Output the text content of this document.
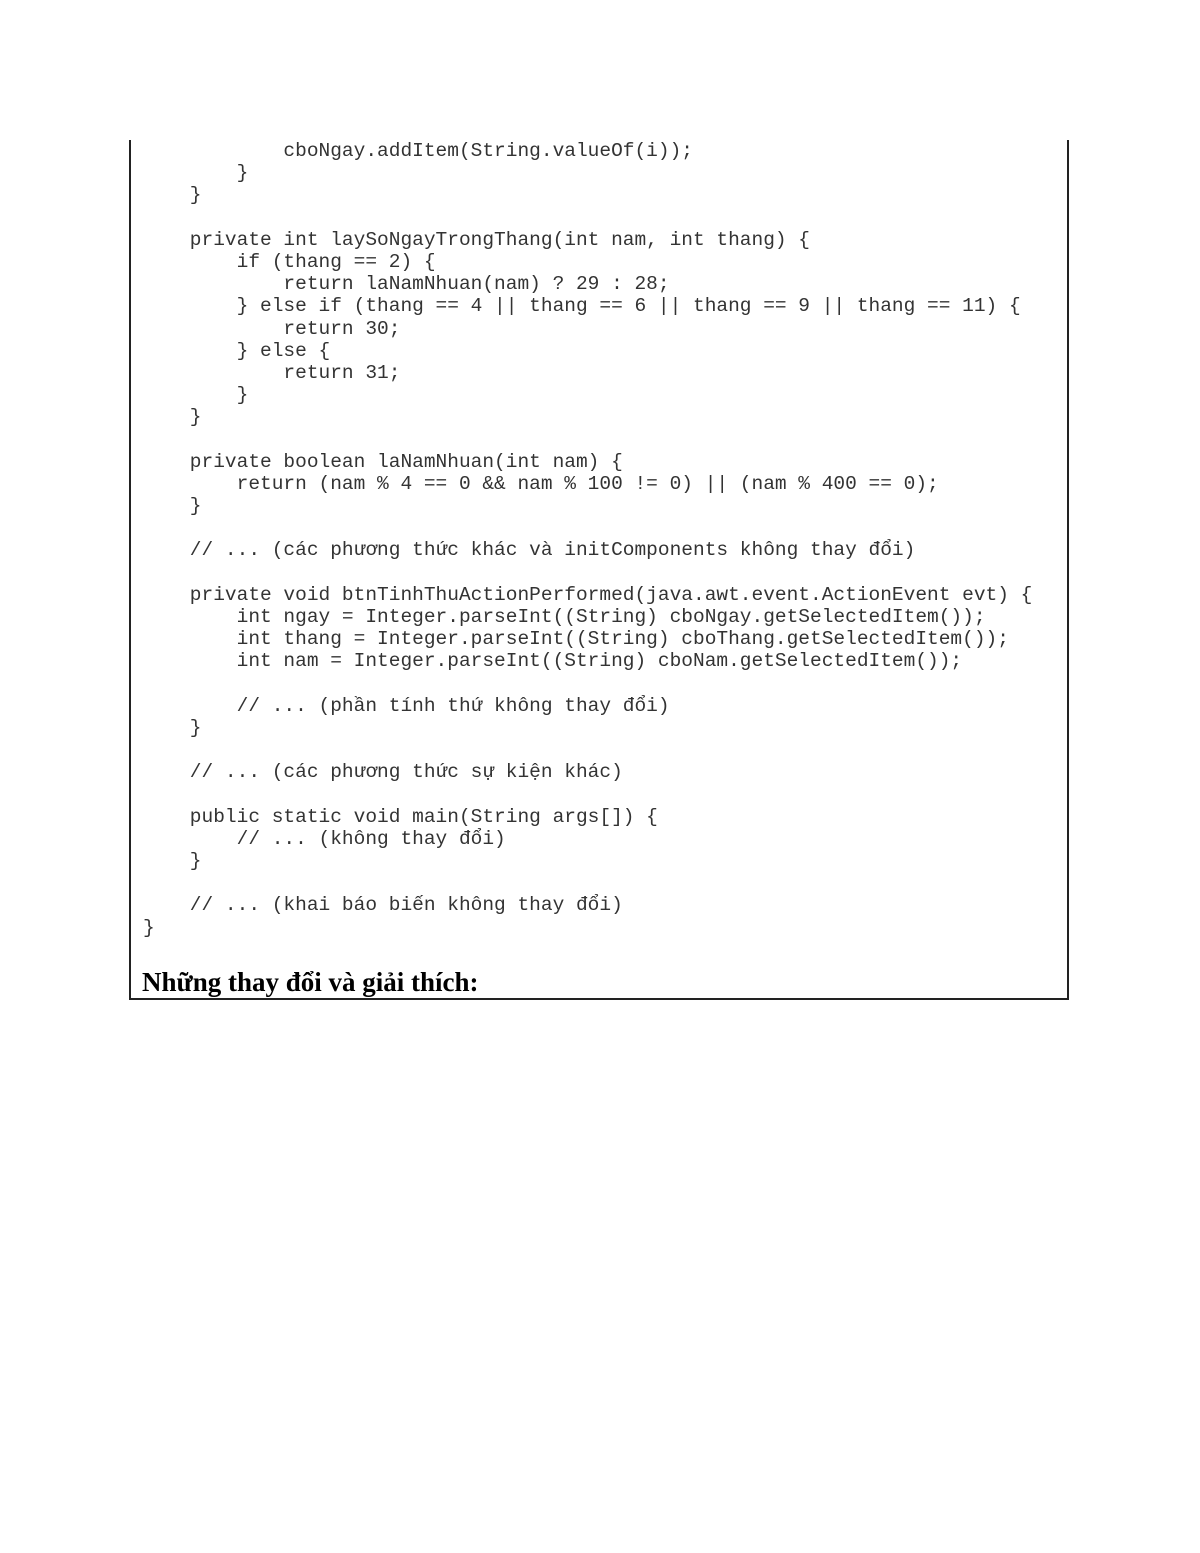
cboNgay.addItem(String.valueOf(i));
}
}
private int laySoNgayTrongThang(int nam, int thang) {
if (thang == 2) {
return laNamNhuan(nam) ? 29 : 28;
} else if (thang == 4 || thang == 6 || thang == 9 || thang == 11) {
return 30;
} else {
return 31;
}
}
private boolean laNamNhuan(int nam) {
return (nam % 4 == 0 && nam % 100 != 0) || (nam % 400 == 0);
}
// ... (các phương thức khác và initComponents không thay đổi)
private void btnTinhThuActionPerformed(java.awt.event.ActionEvent evt) {
int ngay = Integer.parseInt((String) cboNgay.getSelectedItem());
int thang = Integer.parseInt((String) cboThang.getSelectedItem());
int nam = Integer.parseInt((String) cboNam.getSelectedItem());
// ... (phần tính thứ không thay đổi)
}
// ... (các phương thức sự kiện khác)
public static void main(String args[]) {
// ... (không thay đổi)
}
// ... (khai báo biến không thay đổi)
}
Những thay đổi và giải thích:
